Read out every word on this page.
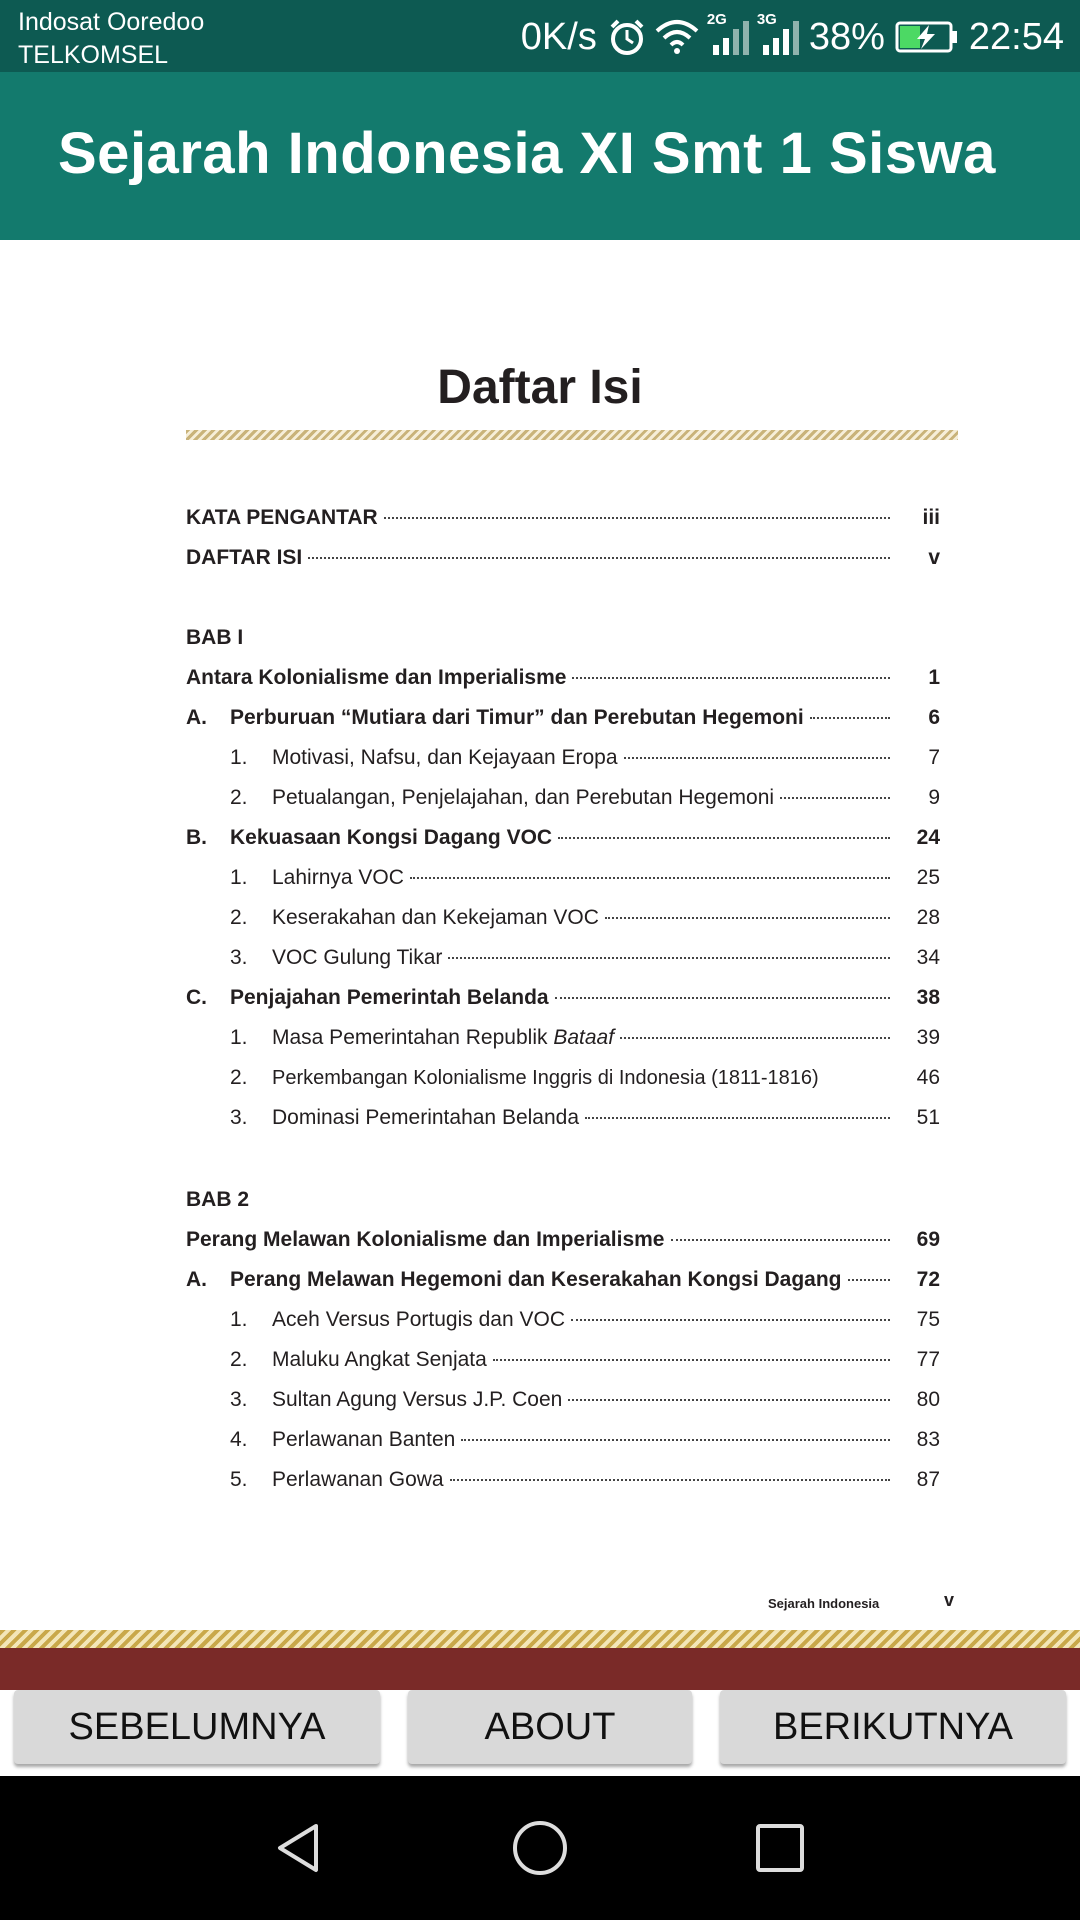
Indosat Ooredoo
TELKOMSEL	0K/s	2G 3G 38% 22:54
Sejarah Indonesia XI Smt 1 Siswa
Daftar Isi
KATA PENGANTAR	iii
DAFTAR ISI	v
BAB I
Antara Kolonialisme dan Imperialisme	1
A.	Perburuan “Mutiara dari Timur” dan Perebutan Hegemoni	6
1.	Motivasi, Nafsu, dan Kejayaan Eropa	7
2.	Petualangan, Penjelajahan, dan Perebutan Hegemoni	9
B.	Kekuasaan Kongsi Dagang VOC	24
1.	Lahirnya VOC	25
2.	Keserakahan dan Kekejaman VOC	28
3.	VOC Gulung Tikar	34
C.	Penjajahan Pemerintah Belanda	38
1.	Masa Pemerintahan Republik Bataaf	39
2.	Perkembangan Kolonialisme Inggris di Indonesia (1811-1816)	46
3.	Dominasi Pemerintahan Belanda	51
BAB 2
Perang Melawan Kolonialisme dan Imperialisme	69
A.	Perang Melawan Hegemoni dan Keserakahan Kongsi Dagang	72
1.	Aceh Versus Portugis dan VOC	75
2.	Maluku Angkat Senjata	77
3.	Sultan Agung Versus J.P. Coen	80
4.	Perlawanan Banten	83
5.	Perlawanan Gowa	87
Sejarah Indonesia	v
SEBELUMNYA	ABOUT	BERIKUTNYA
